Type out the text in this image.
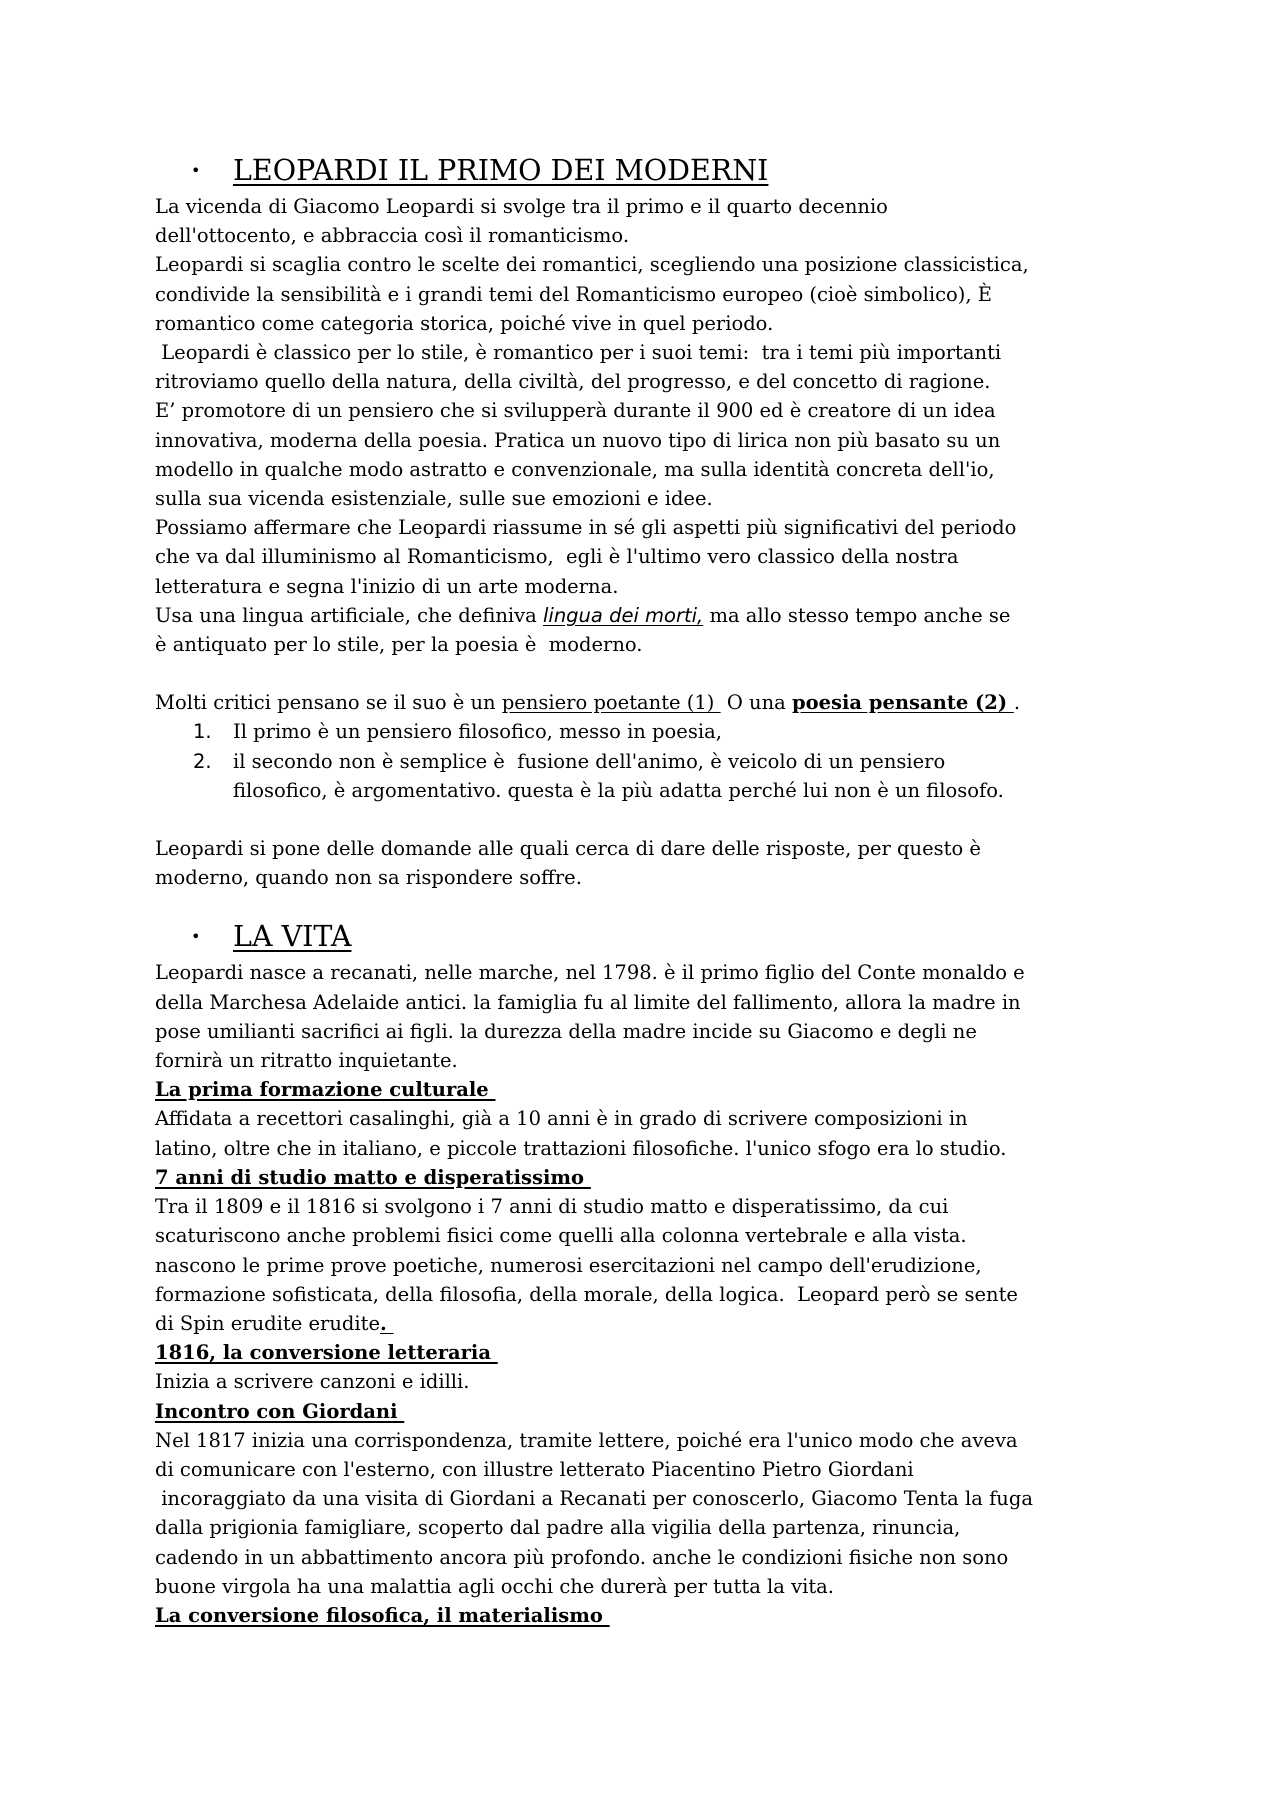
• LEOPARDI IL PRIMO DEI MODERNI
La vicenda di Giacomo Leopardi si svolge tra il primo e il quarto decennio
dell'ottocento, e abbraccia così il romanticismo.
Leopardi si scaglia contro le scelte dei romantici, scegliendo una posizione classicistica,
condivide la sensibilità e i grandi temi del Romanticismo europeo (cioè simbolico), È
romantico come categoria storica, poiché vive in quel periodo.
Leopardi è classico per lo stile, è romantico per i suoi temi:  tra i temi più importanti
ritroviamo quello della natura, della civiltà, del progresso, e del concetto di ragione.
E’ promotore di un pensiero che si svilupperà durante il 900 ed è creatore di un idea
innovativa, moderna della poesia. Pratica un nuovo tipo di lirica non più basato su un
modello in qualche modo astratto e convenzionale, ma sulla identità concreta dell'io,
sulla sua vicenda esistenziale, sulle sue emozioni e idee.
Possiamo affermare che Leopardi riassume in sé gli aspetti più significativi del periodo
che va dal illuminismo al Romanticismo,  egli è l'ultimo vero classico della nostra
letteratura e segna l'inizio di un arte moderna.
Usa una lingua artificiale, che definiva lingua dei morti, ma allo stesso tempo anche se
è antiquato per lo stile, per la poesia è  moderno.
Molti critici pensano se il suo è un pensiero poetante (1)  O una poesia pensante (2) .
1. Il primo è un pensiero filosofico, messo in poesia,
2. il secondo non è semplice è  fusione dell'animo, è veicolo di un pensiero
filosofico, è argomentativo. questa è la più adatta perché lui non è un filosofo.
Leopardi si pone delle domande alle quali cerca di dare delle risposte, per questo è
moderno, quando non sa rispondere soffre.
• LA VITA
Leopardi nasce a recanati, nelle marche, nel 1798. è il primo figlio del Conte monaldo e
della Marchesa Adelaide antici. la famiglia fu al limite del fallimento, allora la madre in
pose umilianti sacrifici ai figli. la durezza della madre incide su Giacomo e degli ne
fornirà un ritratto inquietante.
La prima formazione culturale
Affidata a recettori casalinghi, già a 10 anni è in grado di scrivere composizioni in
latino, oltre che in italiano, e piccole trattazioni filosofiche. l'unico sfogo era lo studio.
7 anni di studio matto e disperatissimo
Tra il 1809 e il 1816 si svolgono i 7 anni di studio matto e disperatissimo, da cui
scaturiscono anche problemi fisici come quelli alla colonna vertebrale e alla vista.
nascono le prime prove poetiche, numerosi esercitazioni nel campo dell'erudizione,
formazione sofisticata, della filosofia, della morale, della logica.  Leopard però se sente
di Spin erudite erudite.
1816, la conversione letteraria
Inizia a scrivere canzoni e idilli.
Incontro con Giordani
Nel 1817 inizia una corrispondenza, tramite lettere, poiché era l'unico modo che aveva
di comunicare con l'esterno, con illustre letterato Piacentino Pietro Giordani
incoraggiato da una visita di Giordani a Recanati per conoscerlo, Giacomo Tenta la fuga
dalla prigionia famigliare, scoperto dal padre alla vigilia della partenza, rinuncia,
cadendo in un abbattimento ancora più profondo. anche le condizioni fisiche non sono
buone virgola ha una malattia agli occhi che durerà per tutta la vita.
La conversione filosofica, il materialismo
